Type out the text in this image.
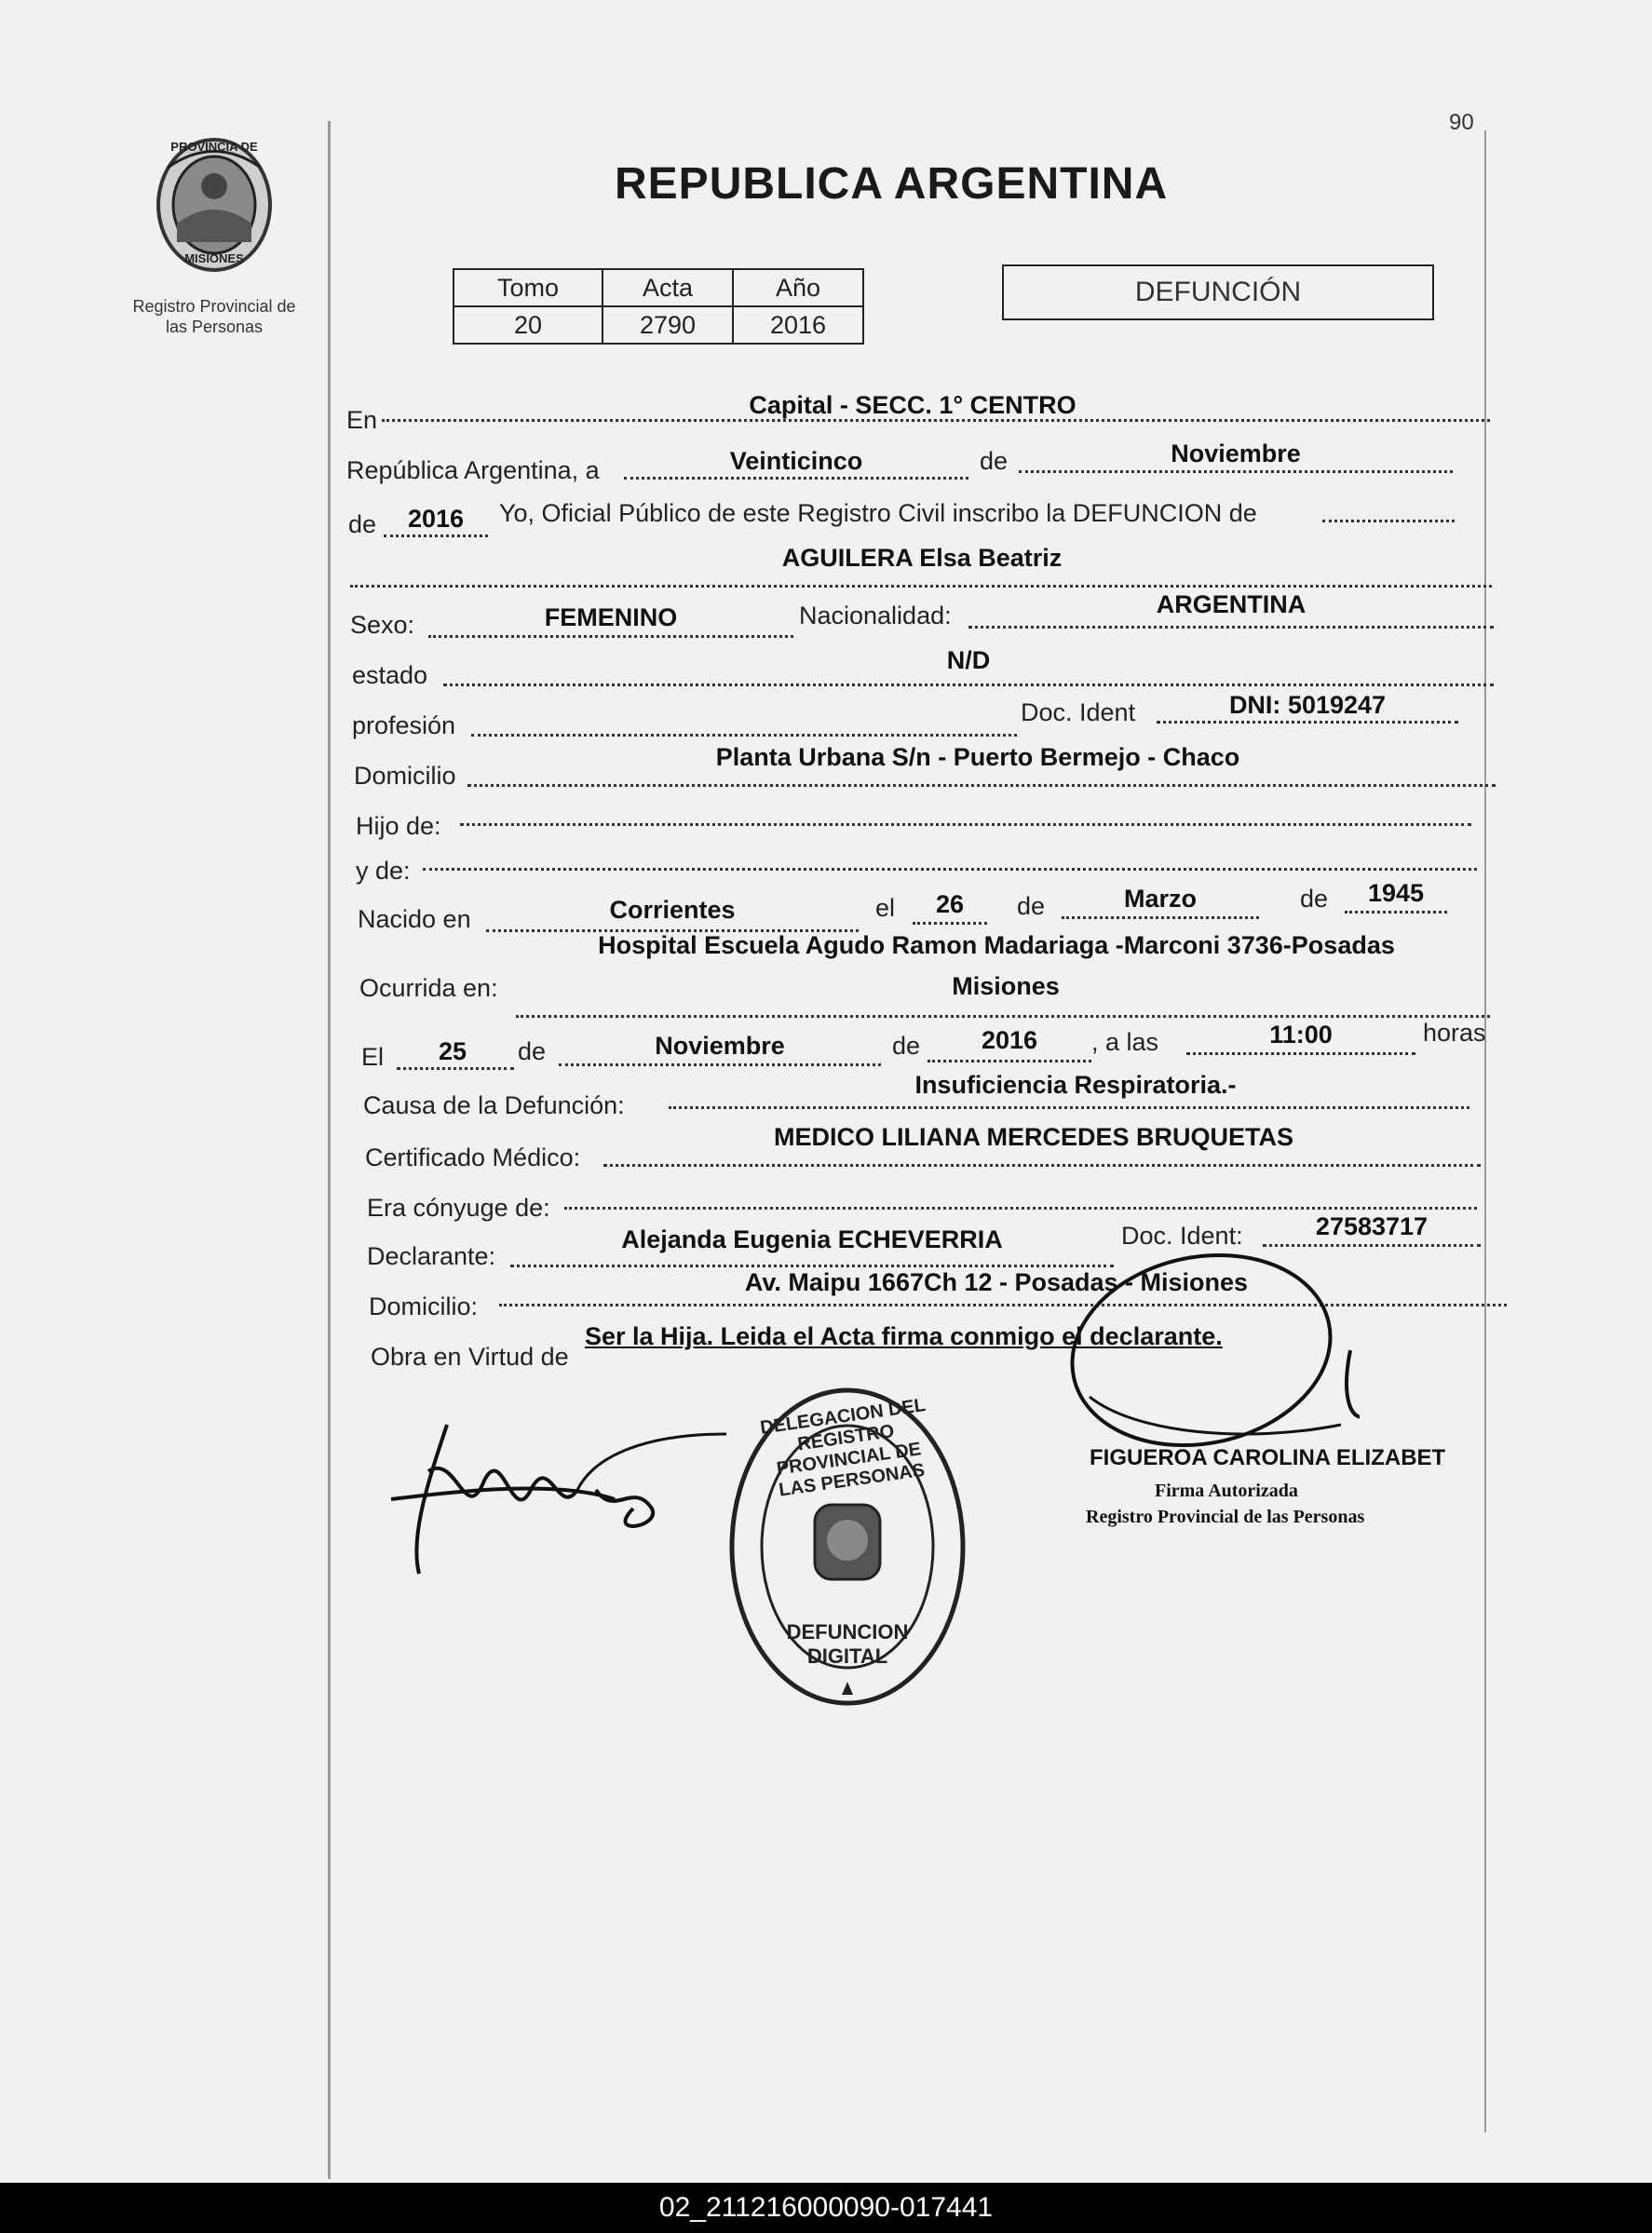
90
PROVINCIA DE
MISIONES
Registro Provincial de
las Personas
REPUBLICA ARGENTINA
Tomo	Acta	Año
20	2790	2016
DEFUNCIÓN
En
Capital - SECC. 1° CENTRO
República Argentina, a	Veinticinco	de	Noviembre
de	2016	Yo, Oficial Público de este Registro Civil inscribo la DEFUNCION de
AGUILERA Elsa Beatriz
Sexo:	FEMENINO	Nacionalidad:	ARGENTINA
estado
N/D
profesión	Doc. Ident	DNI: 5019247
Domicilio
Planta Urbana S/n - Puerto Bermejo - Chaco
Hijo de:
y de:
Nacido en	Corrientes	el	26	de	Marzo	de	1945
Hospital Escuela Agudo Ramon Madariaga -Marconi 3736-Posadas
Ocurrida en:	Misiones
El	25	de	Noviembre	de	2016	, a las	11:00	horas
Causa de la Defunción:
Insuficiencia Respiratoria.-
Certificado Médico:
MEDICO LILIANA MERCEDES BRUQUETAS
Era cónyuge de:
Declarante:
Alejanda Eugenia ECHEVERRIA	Doc. Ident:	27583717
Domicilio:
Av. Maipu 1667Ch 12 - Posadas - Misiones
Obra en Virtud de
Ser la Hija. Leida el Acta firma conmigo el declarante.
DELEGACION DEL REGISTRO PROVINCIAL DE LAS PERSONAS
DEFUNCION DIGITAL
FIGUEROA CAROLINA ELIZABET
Firma Autorizada
Registro Provincial de las Personas
02_211216000090-017441
